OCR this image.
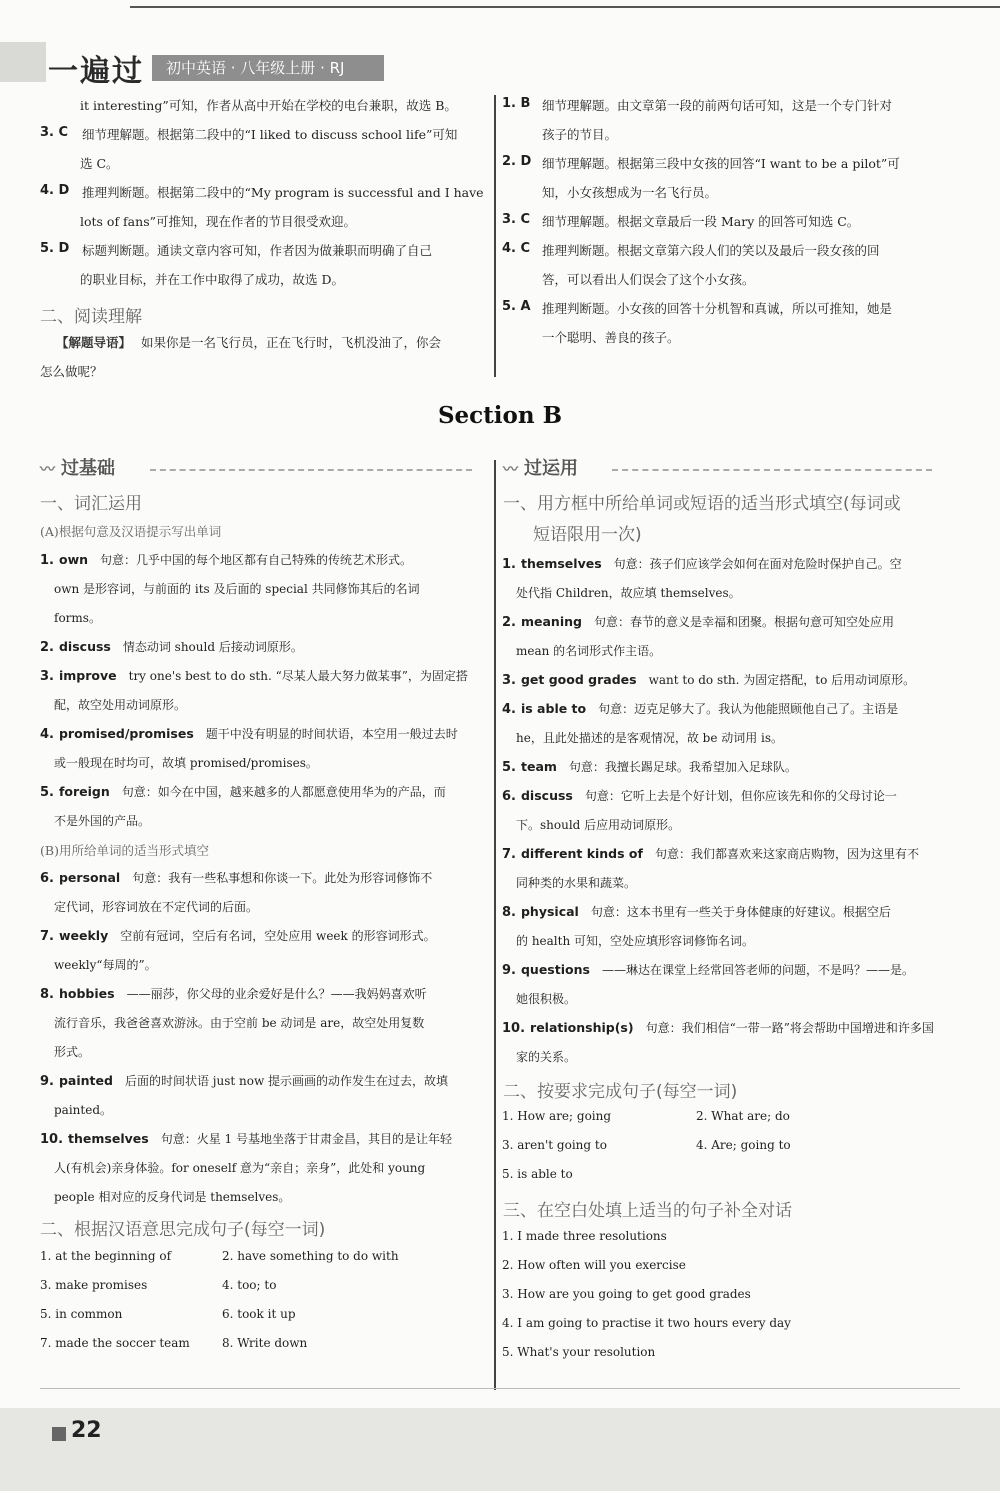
一遍过	初中英语 · 八年级上册 · RJ
it interesting”可知，作者从高中开始在学校的电台兼职，故选 B。
3. C 细节理解题。根据第二段中的“I liked to discuss school life”可知
选 C。
4. D 推理判断题。根据第二段中的“My program is successful and I have
lots of fans”可推知，现在作者的节目很受欢迎。
5. D 标题判断题。通读文章内容可知，作者因为做兼职而明确了自己
的职业目标，并在工作中取得了成功，故选 D。
二、阅读理解
【解题导语】 如果你是一名飞行员，正在飞行时，飞机没油了，你会
怎么做呢？
1. B 细节理解题。由文章第一段的前两句话可知，这是一个专门针对
孩子的节目。
2. D 细节理解题。根据第三段中女孩的回答“I want to be a pilot”可
知，小女孩想成为一名飞行员。
3. C 细节理解题。根据文章最后一段 Mary 的回答可知选 C。
4. C 推理判断题。根据文章第六段人们的笑以及最后一段女孩的回
答，可以看出人们误会了这个小女孩。
5. A 推理判断题。小女孩的回答十分机智和真诚，所以可推知，她是
一个聪明、善良的孩子。
Section B
〰 过基础	〰 过运用
一、词汇运用
(A)根据句意及汉语提示写出单词
1. own 句意：几乎中国的每个地区都有自己特殊的传统艺术形式。
own 是形容词，与前面的 its 及后面的 special 共同修饰其后的名词
forms。
2. discuss 情态动词 should 后接动词原形。
3. improve try one's best to do sth. “尽某人最大努力做某事”，为固定搭
配，故空处用动词原形。
4. promised/promises 题干中没有明显的时间状语，本空用一般过去时
或一般现在时均可，故填 promised/promises。
5. foreign 句意：如今在中国，越来越多的人都愿意使用华为的产品，而
不是外国的产品。
(B)用所给单词的适当形式填空
6. personal 句意：我有一些私事想和你谈一下。此处为形容词修饰不
定代词，形容词放在不定代词的后面。
7. weekly 空前有冠词，空后有名词，空处应用 week 的形容词形式。
weekly“每周的”。
8. hobbies ——丽莎，你父母的业余爱好是什么？——我妈妈喜欢听
流行音乐，我爸爸喜欢游泳。由于空前 be 动词是 are，故空处用复数
形式。
9. painted 后面的时间状语 just now 提示画画的动作发生在过去，故填
painted。
10. themselves 句意：火星 1 号基地坐落于甘肃金昌，其目的是让年轻
人(有机会)亲身体验。for oneself 意为“亲自；亲身”，此处和 young
people 相对应的反身代词是 themselves。
二、根据汉语意思完成句子(每空一词)
1. at the beginning of	2. have something to do with
3. make promises	4. too; to
5. in common	6. took it up
7. made the soccer team	8. Write down
一、用方框中所给单词或短语的适当形式填空(每词或
短语限用一次)
1. themselves 句意：孩子们应该学会如何在面对危险时保护自己。空
处代指 Children，故应填 themselves。
2. meaning 句意：春节的意义是幸福和团聚。根据句意可知空处应用
mean 的名词形式作主语。
3. get good grades want to do sth. 为固定搭配，to 后用动词原形。
4. is able to 句意：迈克足够大了。我认为他能照顾他自己了。主语是
he，且此处描述的是客观情况，故 be 动词用 is。
5. team 句意：我擅长踢足球。我希望加入足球队。
6. discuss 句意：它听上去是个好计划，但你应该先和你的父母讨论一
下。should 后应用动词原形。
7. different kinds of 句意：我们都喜欢来这家商店购物，因为这里有不
同种类的水果和蔬菜。
8. physical 句意：这本书里有一些关于身体健康的好建议。根据空后
的 health 可知，空处应填形容词修饰名词。
9. questions ——琳达在课堂上经常回答老师的问题，不是吗？——是。
她很积极。
10. relationship(s) 句意：我们相信“一带一路”将会帮助中国增进和许多国
家的关系。
二、按要求完成句子(每空一词)
1. How are; going	2. What are; do
3. aren't going to	4. Are; going to
5. is able to
三、在空白处填上适当的句子补全对话
1. I made three resolutions
2. How often will you exercise
3. How are you going to get good grades
4. I am going to practise it two hours every day
5. What's your resolution
22
